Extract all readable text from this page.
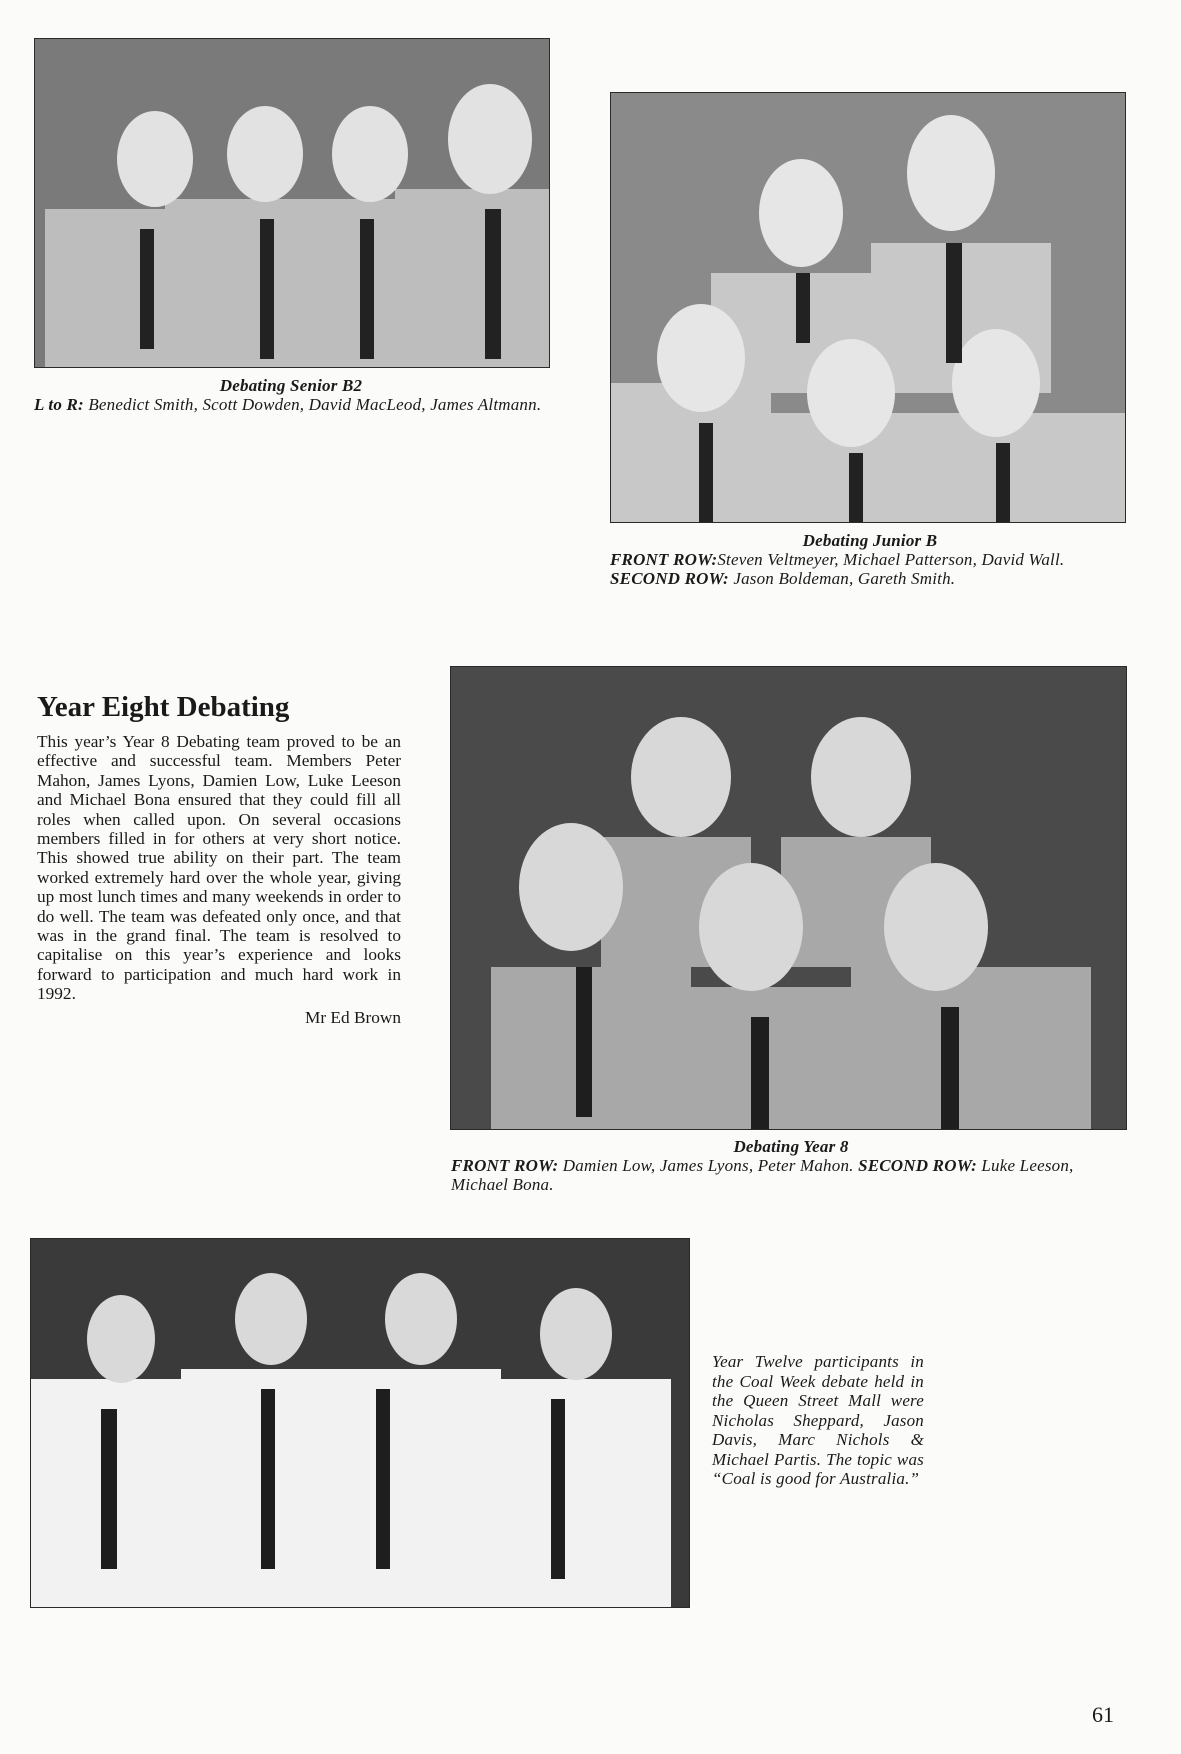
Debating Senior B2
L to R: Benedict Smith, Scott Dowden, David MacLeod, James Altmann.
Debating Junior B
FRONT ROW:Steven Veltmeyer, Michael Patterson, David Wall.
SECOND ROW: Jason Boldeman, Gareth Smith.
Year Eight Debating

This year’s Year 8 Debating team proved to be an effective and successful team. Members Peter Mahon, James Lyons, Damien Low, Luke Leeson and Michael Bona ensured that they could fill all roles when called upon. On several occasions members filled in for others at very short notice. This showed true ability on their part. The team worked extremely hard over the whole year, giving up most lunch times and many weekends in order to do well. The team was defeated only once, and that was in the grand final. The team is resolved to capitalise on this year’s experience and looks forward to participation and much hard work in 1992.

Mr Ed Brown
Debating Year 8
FRONT ROW: Damien Low, James Lyons, Peter Mahon. SECOND ROW: Luke Leeson, Michael Bona.
Year Twelve participants in the Coal Week debate held in the Queen Street Mall were Nicholas Sheppard, Jason Davis, Marc Nichols & Michael Partis. The topic was “Coal is good for Australia.”
61
